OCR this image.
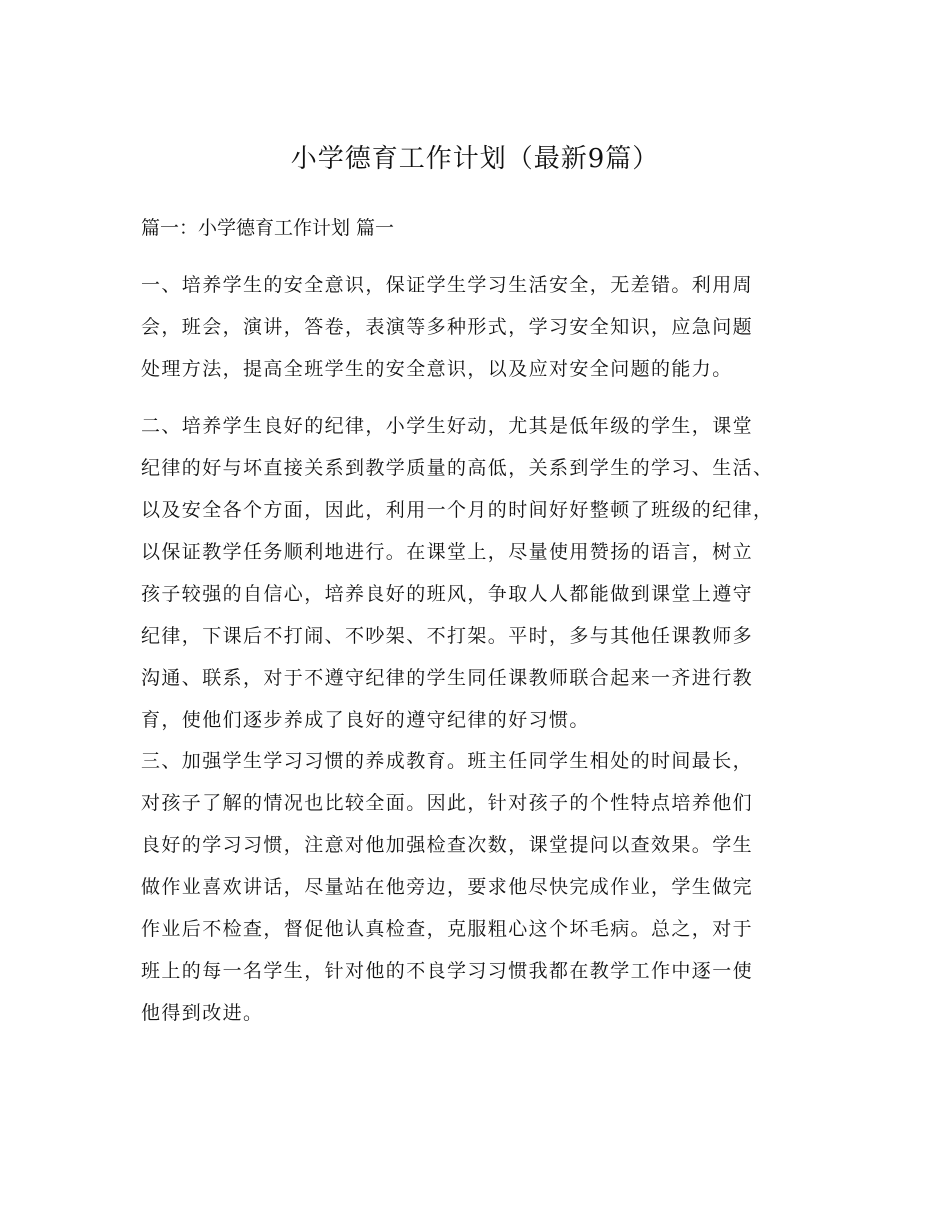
小学德育工作计划（最新9篇）
篇一：小学德育工作计划 篇一

一、培养学生的安全意识，保证学生学习生活安全，无差错。利用周
会，班会，演讲，答卷，表演等多种形式，学习安全知识，应急问题
处理方法，提高全班学生的安全意识，以及应对安全问题的能力。

二、培养学生良好的纪律，小学生好动，尤其是低年级的学生，课堂
纪律的好与坏直接关系到教学质量的高低，关系到学生的学习、生活、
以及安全各个方面，因此，利用一个月的时间好好整顿了班级的纪律，
以保证教学任务顺利地进行。在课堂上，尽量使用赞扬的语言，树立
孩子较强的自信心，培养良好的班风，争取人人都能做到课堂上遵守
纪律，下课后不打闹、不吵架、不打架。平时，多与其他任课教师多
沟通、联系，对于不遵守纪律的学生同任课教师联合起来一齐进行教
育，使他们逐步养成了良好的遵守纪律的好习惯。

三、加强学生学习习惯的养成教育。班主任同学生相处的时间最长，
对孩子了解的情况也比较全面。因此，针对孩子的个性特点培养他们
良好的学习习惯，注意对他加强检查次数，课堂提问以查效果。学生
做作业喜欢讲话，尽量站在他旁边，要求他尽快完成作业，学生做完
作业后不检查，督促他认真检查，克服粗心这个坏毛病。总之，对于
班上的每一名学生，针对他的不良学习习惯我都在教学工作中逐一使
他得到改进。
